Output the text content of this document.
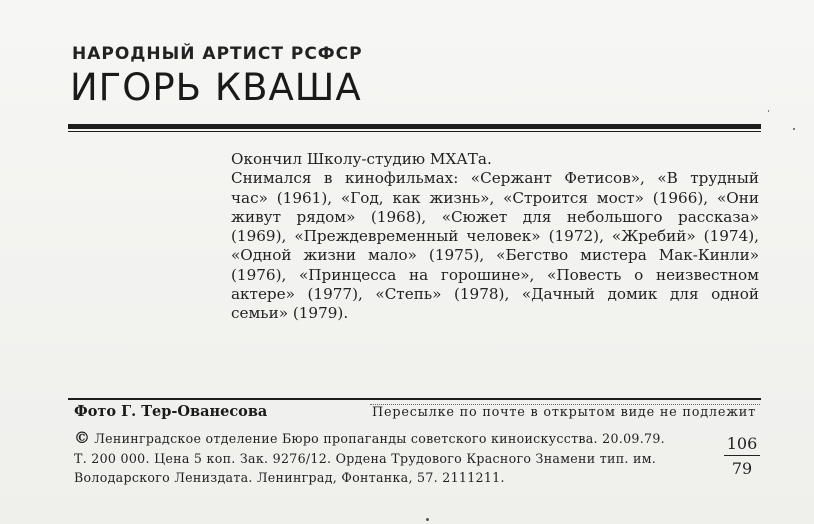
НАРОДНЫЙ АРТИСТ РСФСР
ИГОРЬ КВАША
Окончил Школу-студию МХАТа.
Снимался в кинофильмах: «Сержант Фетисов», «В трудный
час» (1961), «Год, как жизнь», «Строится мост» (1966), «Они
живут рядом» (1968), «Сюжет для небольшого рассказа»
(1969), «Преждевременный человек» (1972), «Жребий» (1974),
«Одной жизни мало» (1975), «Бегство мистера Мак-Кинли»
(1976), «Принцесса на горошине», «Повесть о неизвестном
актере» (1977), «Степь» (1978), «Дачный домик для одной
семьи» (1979).
Фото Г. Тер-Ованесова	Пересылке по почте в открытом виде не подлежит
© Ленинградское отделение Бюро пропаганды советского киноискусства. 20.09.79.
Т. 200 000. Цена 5 коп. Зак. 9276/12. Ордена Трудового Красного Знамени тип. им.
Володарского Лениздата. Ленинград, Фонтанка, 57. 2111211.
106
79
